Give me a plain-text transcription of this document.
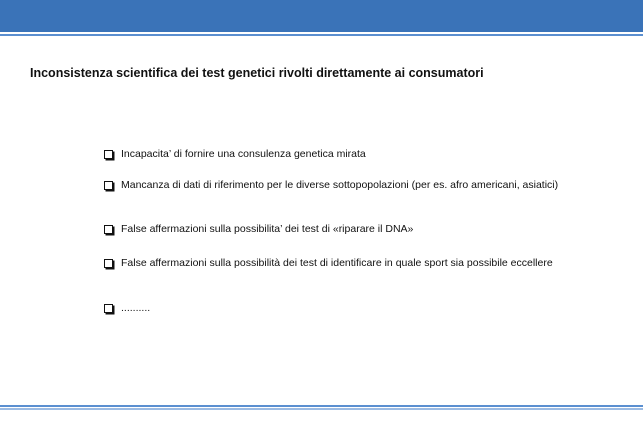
Inconsistenza scientifica dei test genetici rivolti direttamente ai consumatori
Incapacita’ di fornire una consulenza genetica mirata
Mancanza di dati di riferimento per le diverse sottopopolazioni (per es. afro americani, asiatici)
False affermazioni sulla possibilita’ dei test di «riparare il DNA»
False affermazioni sulla possibilità dei test di identificare in quale sport sia possibile eccellere
..........
